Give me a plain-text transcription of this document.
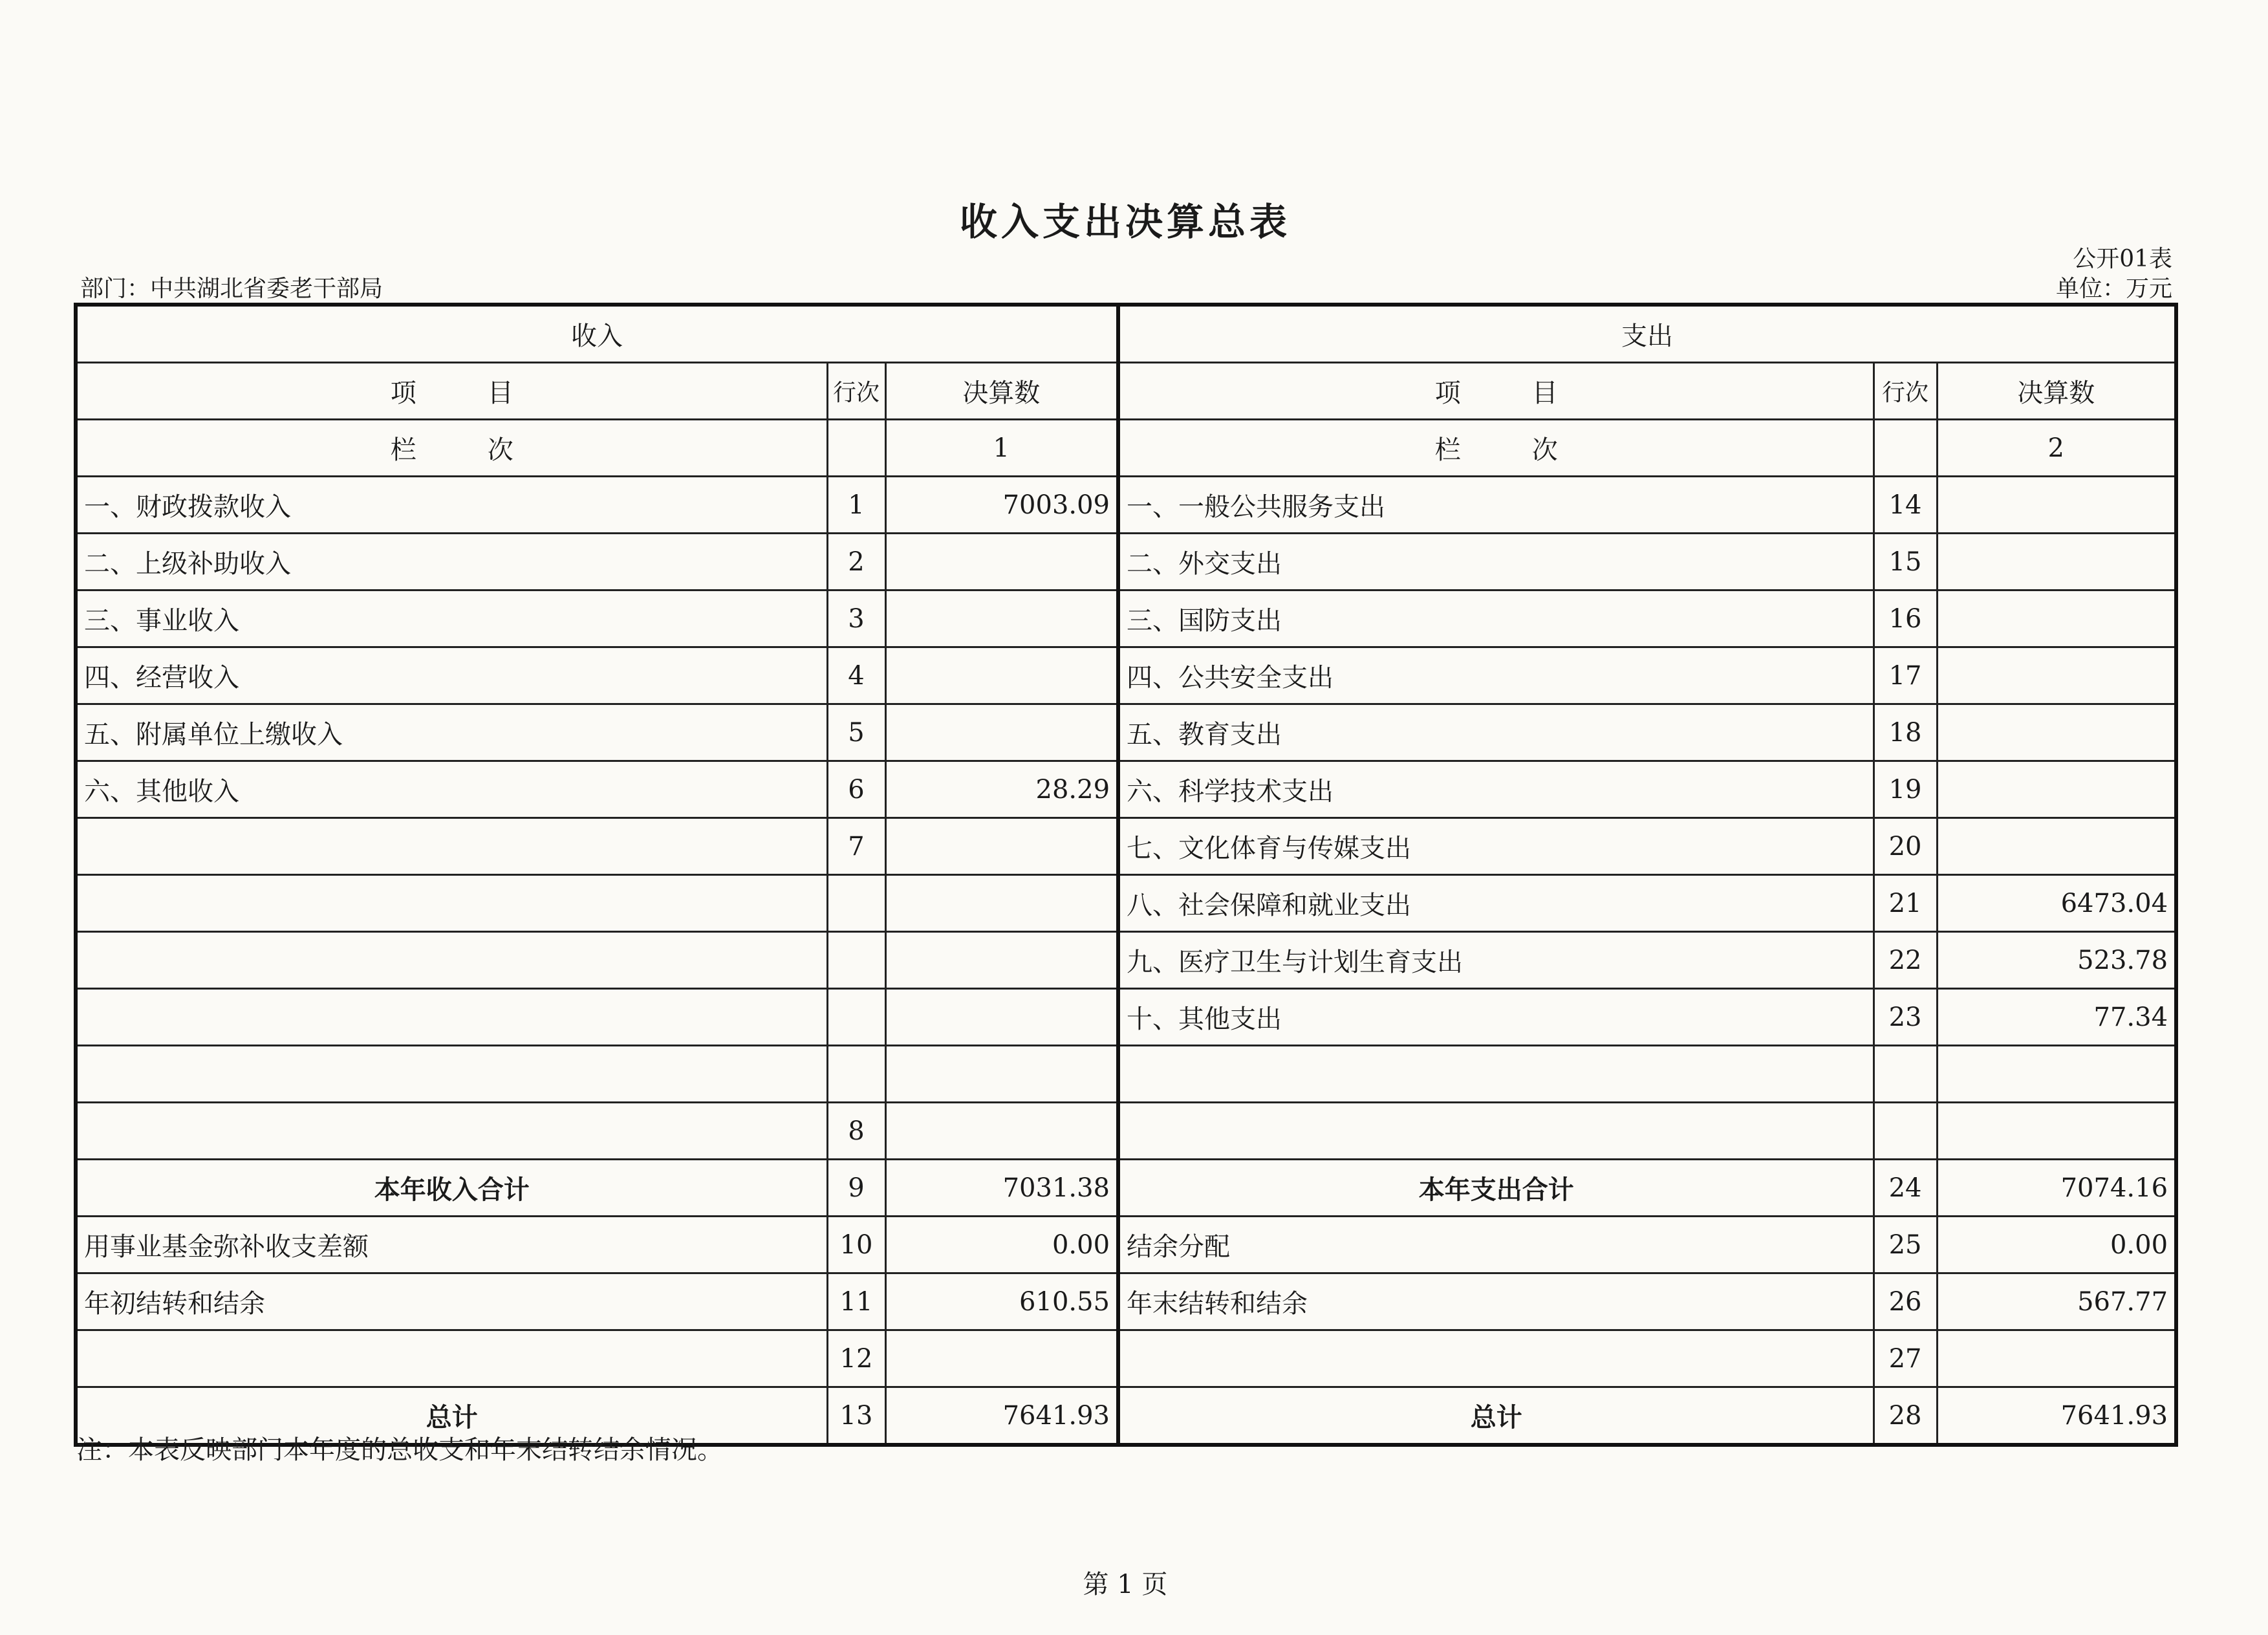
收入支出决算总表
公开01表
部门：中共湖北省委老干部局	单位：万元
收入			支出		
项 目	行次	决算数	项 目	行次	决算数
栏 次		1	栏 次		2
一、财政拨款收入	1	7003.09	一、一般公共服务支出	14	
二、上级补助收入	2		二、外交支出	15	
三、事业收入	3		三、国防支出	16	
四、经营收入	4		四、公共安全支出	17	
五、附属单位上缴收入	5		五、教育支出	18	
六、其他收入	6	28.29	六、科学技术支出	19	
	7		七、文化体育与传媒支出	20	
			八、社会保障和就业支出	21	6473.04
			九、医疗卫生与计划生育支出	22	523.78
			十、其他支出	23	77.34

	8				
本年收入合计	9	7031.38	本年支出合计	24	7074.16
用事业基金弥补收支差额	10	0.00	结余分配	25	0.00
年初结转和结余	11	610.55	年末结转和结余	26	567.77
	12			27	
总计	13	7641.93	总计	28	7641.93
注：本表反映部门本年度的总收支和年末结转结余情况。
第 1 页
